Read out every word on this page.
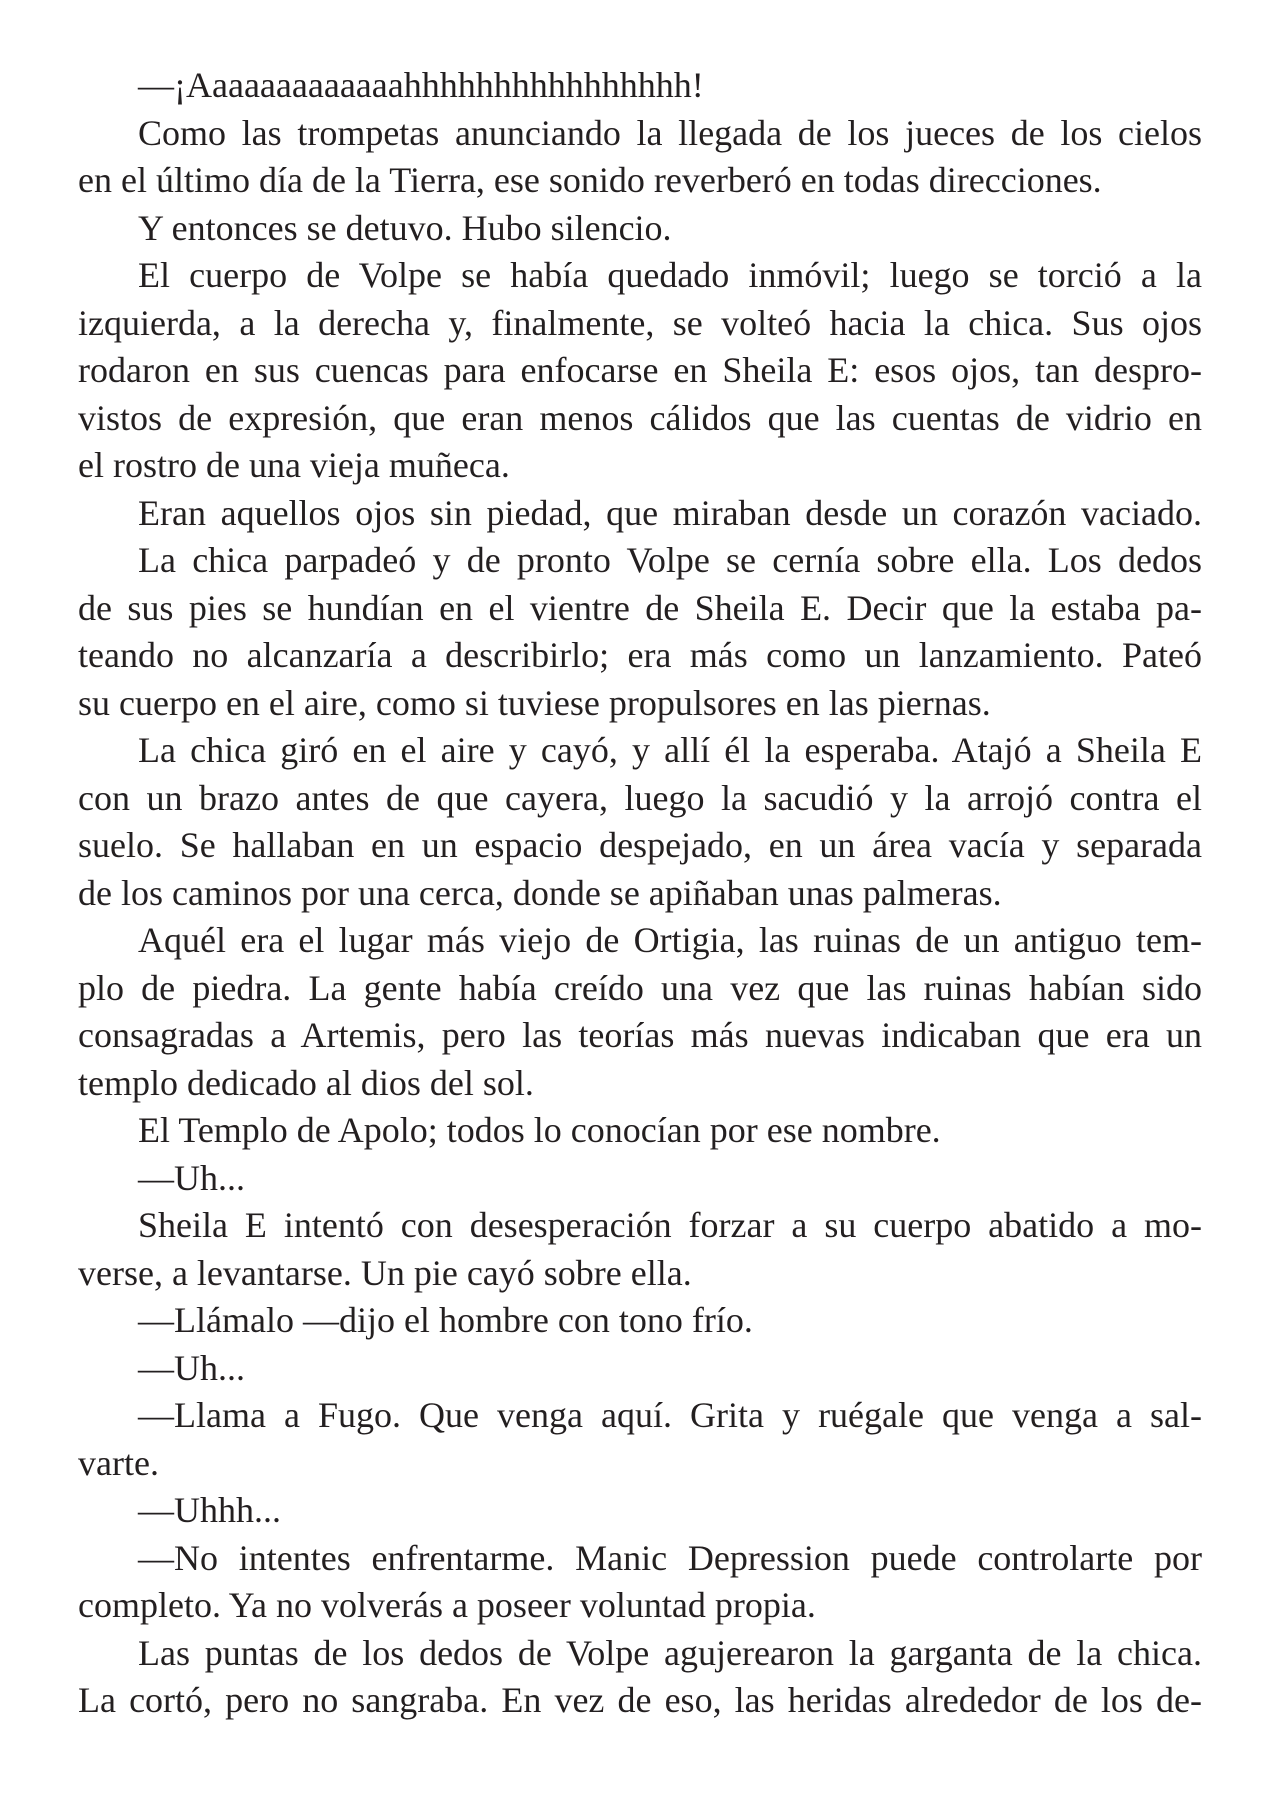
—¡Aaaaaaaaaaaaahhhhhhhhhhhhhhhh!
Como las trompetas anunciando la llegada de los jueces de los cielos
en el último día de la Tierra, ese sonido reverberó en todas direcciones.
Y entonces se detuvo. Hubo silencio.
El cuerpo de Volpe se había quedado inmóvil; luego se torció a la
izquierda, a la derecha y, finalmente, se volteó hacia la chica. Sus ojos
rodaron en sus cuencas para enfocarse en Sheila E: esos ojos, tan despro-
vistos de expresión, que eran menos cálidos que las cuentas de vidrio en
el rostro de una vieja muñeca.
Eran aquellos ojos sin piedad, que miraban desde un corazón vaciado.
La chica parpadeó y de pronto Volpe se cernía sobre ella. Los dedos
de sus pies se hundían en el vientre de Sheila E. Decir que la estaba pa-
teando no alcanzaría a describirlo; era más como un lanzamiento. Pateó
su cuerpo en el aire, como si tuviese propulsores en las piernas.
La chica giró en el aire y cayó, y allí él la esperaba. Atajó a Sheila E
con un brazo antes de que cayera, luego la sacudió y la arrojó contra el
suelo. Se hallaban en un espacio despejado, en un área vacía y separada
de los caminos por una cerca, donde se apiñaban unas palmeras.
Aquél era el lugar más viejo de Ortigia, las ruinas de un antiguo tem-
plo de piedra. La gente había creído una vez que las ruinas habían sido
consagradas a Artemis, pero las teorías más nuevas indicaban que era un
templo dedicado al dios del sol.
El Templo de Apolo; todos lo conocían por ese nombre.
—Uh...
Sheila E intentó con desesperación forzar a su cuerpo abatido a mo-
verse, a levantarse. Un pie cayó sobre ella.
—Llámalo —dijo el hombre con tono frío.
—Uh...
—Llama a Fugo. Que venga aquí. Grita y ruégale que venga a sal-
varte.
—Uhhh...
—No intentes enfrentarme. Manic Depression puede controlarte por
completo. Ya no volverás a poseer voluntad propia.
Las puntas de los dedos de Volpe agujerearon la garganta de la chica.
La cortó, pero no sangraba. En vez de eso, las heridas alrededor de los de-
